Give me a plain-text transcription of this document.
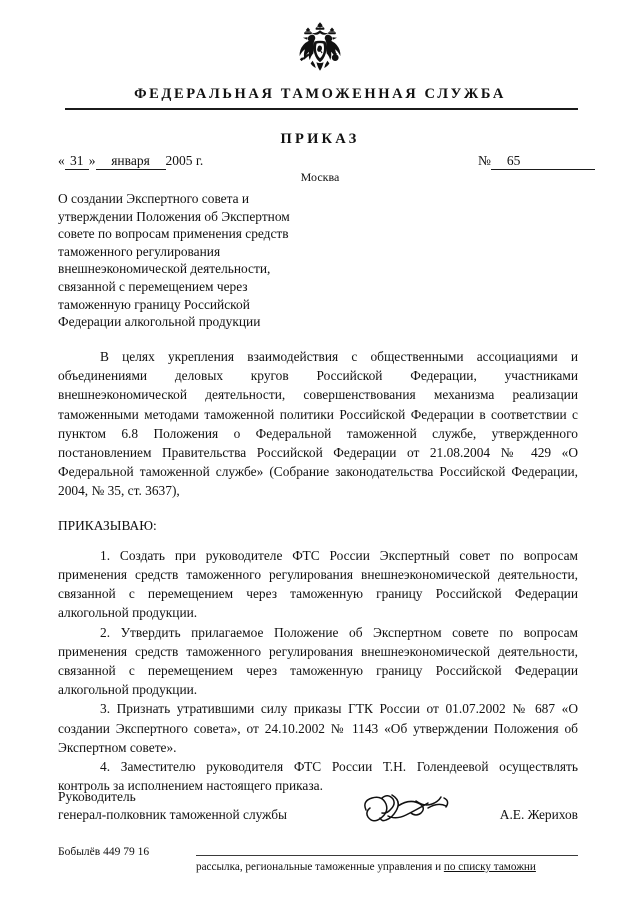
ФЕДЕРАЛЬНАЯ ТАМОЖЕННАЯ СЛУЖБА
ПРИКАЗ
« 31 » января 2005 г.	№ 65
Москва
О создании Экспертного совета и
утверждении Положения об Экспертном
совете по вопросам применения средств
таможенного регулирования
внешнеэкономической деятельности,
связанной с перемещением через
таможенную границу Российской
Федерации алкогольной продукции

В целях укрепления взаимодействия с общественными ассоциациями и объединениями деловых кругов Российской Федерации, участниками внешнеэкономической деятельности, совершенствования механизма реализации таможенными методами таможенной политики Российской Федерации в соответствии с пунктом 6.8 Положения о Федеральной таможенной службе, утвержденного постановлением Правительства Российской Федерации от 21.08.2004 № 429 «О Федеральной таможенной службе» (Собрание законодательства Российской Федерации, 2004, № 35, ст. 3637),

ПРИКАЗЫВАЮ:

1. Создать при руководителе ФТС России Экспертный совет по вопросам применения средств таможенного регулирования внешнеэкономической деятельности, связанной с перемещением через таможенную границу Российской Федерации алкогольной продукции.

2. Утвердить прилагаемое Положение об Экспертном совете по вопросам применения средств таможенного регулирования внешнеэкономической деятельности, связанной с перемещением через таможенную границу Российской Федерации алкогольной продукции.

3. Признать утратившими силу приказы ГТК России от 01.07.2002 № 687 «О создании Экспертного совета», от 24.10.2002 № 1143 «Об утверждении Положения об Экспертном совете».

4. Заместителю руководителя ФТС России Т.Н. Голендеевой осуществлять контроль за исполнением настоящего приказа.

Руководитель
генерал-полковник таможенной службы	А.Е. Жерихов
Бобылёв 449 79 16
рассылка, региональные таможенные управления и по списку таможни
